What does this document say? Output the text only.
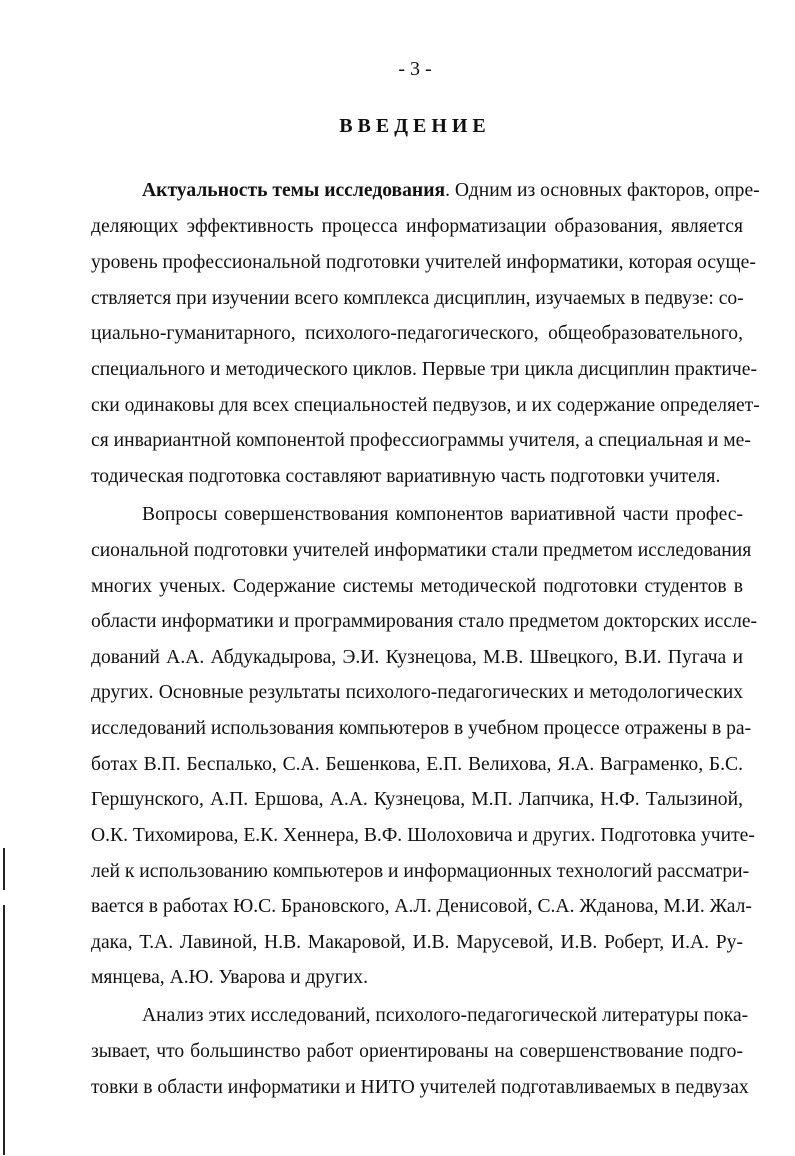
- 3 -
ВВЕДЕНИЕ
Актуальность темы исследования. Одним из основных факторов, опре-
деляющих эффективность процесса информатизации образования, является
уровень профессиональной подготовки учителей информатики, которая осуще-
ствляется при изучении всего комплекса дисциплин, изучаемых в педвузе: со-
циально-гуманитарного, психолого-педагогического, общеобразовательного,
специального и методического циклов. Первые три цикла дисциплин практиче-
ски одинаковы для всех специальностей педвузов, и их содержание определяет-
ся инвариантной компонентой профессиограммы учителя, а специальная и ме-
тодическая подготовка составляют вариативную часть подготовки учителя.
Вопросы совершенствования компонентов вариативной части профес-
сиональной подготовки учителей информатики стали предметом исследования
многих ученых. Содержание системы методической подготовки студентов в
области информатики и программирования стало предметом докторских иссле-
дований А.А. Абдукадырова, Э.И. Кузнецова, М.В. Швецкого, В.И. Пугача и
других. Основные результаты психолого-педагогических и методологических
исследований использования компьютеров в учебном процессе отражены в ра-
ботах В.П. Беспалько, С.А. Бешенкова, Е.П. Велихова, Я.А. Ваграменко, Б.С.
Гершунского, А.П. Ершова, А.А. Кузнецова, М.П. Лапчика, Н.Ф. Талызиной,
О.К. Тихомирова, Е.К. Хеннера, В.Ф. Шолоховича и других. Подготовка учите-
лей к использованию компьютеров и информационных технологий рассматри-
вается в работах Ю.С. Брановского, А.Л. Денисовой, С.А. Жданова, М.И. Жал-
дака, Т.А. Лавиной, Н.В. Макаровой, И.В. Марусевой, И.В. Роберт, И.А. Ру-
мянцева, А.Ю. Уварова и других.
Анализ этих исследований, психолого-педагогической литературы пока-
зывает, что большинство работ ориентированы на совершенствование подго-
товки в области информатики и НИТО учителей подготавливаемых в педвузах
